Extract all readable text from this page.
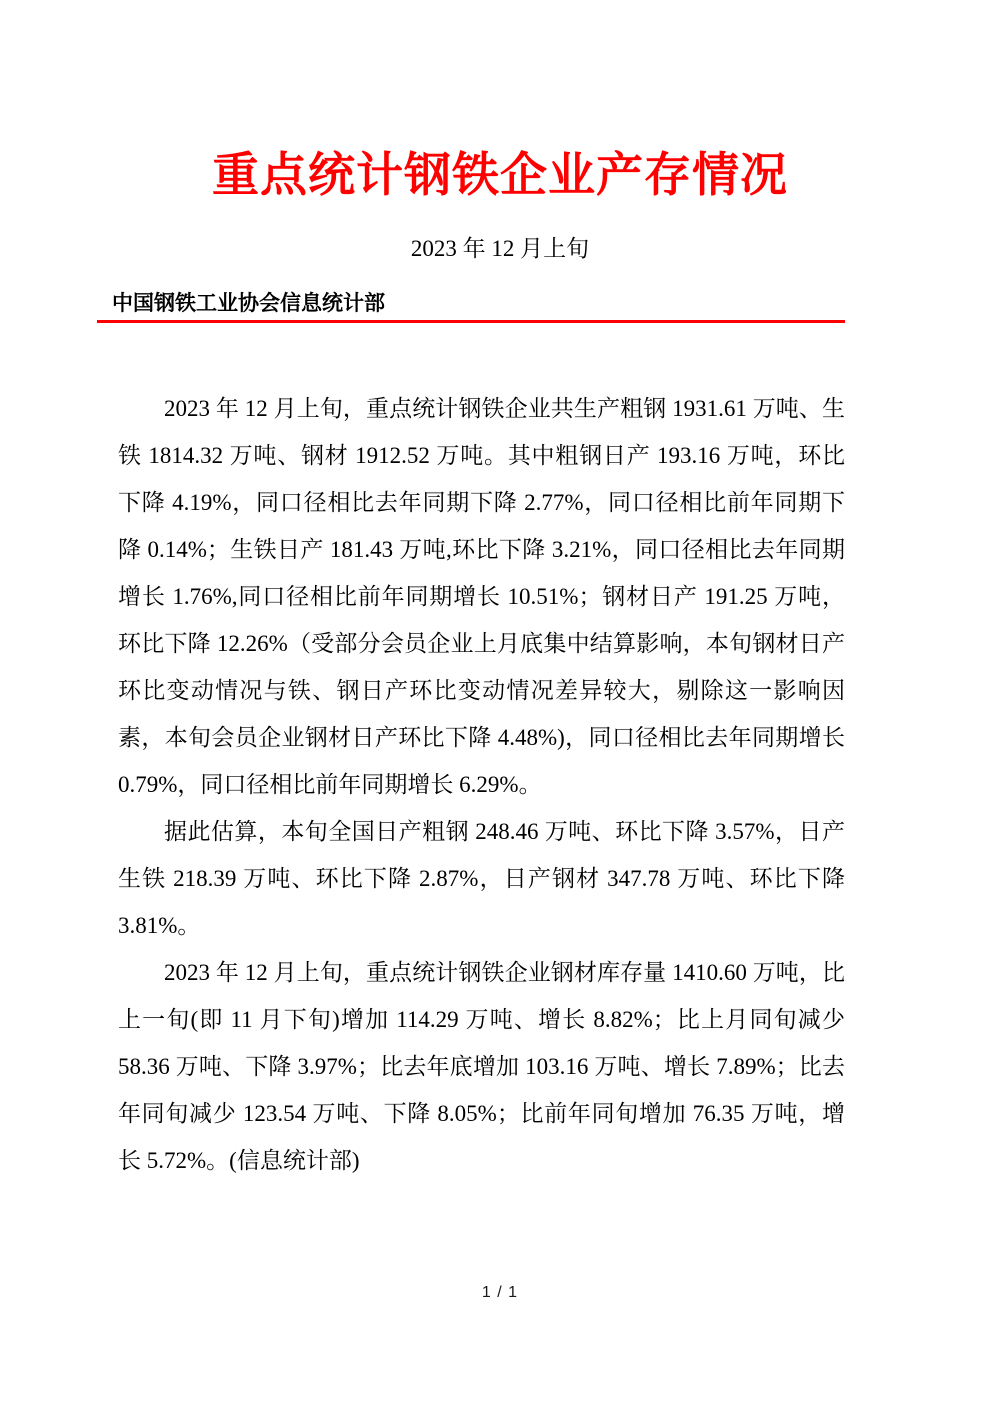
重点统计钢铁企业产存情况
2023 年 12 月上旬
中国钢铁工业协会信息统计部

2023 年 12 月上旬，重点统计钢铁企业共生产粗钢 1931.61 万吨、生铁 1814.32 万吨、钢材 1912.52 万吨。其中粗钢日产 193.16 万吨，环比下降 4.19%，同口径相比去年同期下降 2.77%，同口径相比前年同期下降 0.14%；生铁日产 181.43 万吨,环比下降 3.21%，同口径相比去年同期增长 1.76%,同口径相比前年同期增长 10.51%；钢材日产 191.25 万吨，环比下降 12.26%（受部分会员企业上月底集中结算影响，本旬钢材日产环比变动情况与铁、钢日产环比变动情况差异较大，剔除这一影响因素，本旬会员企业钢材日产环比下降 4.48%)，同口径相比去年同期增长 0.79%，同口径相比前年同期增长 6.29%。

据此估算，本旬全国日产粗钢 248.46 万吨、环比下降 3.57%，日产生铁 218.39 万吨、环比下降 2.87%，日产钢材 347.78 万吨、环比下降 3.81%。

2023 年 12 月上旬，重点统计钢铁企业钢材库存量 1410.60 万吨，比上一旬(即 11 月下旬)增加 114.29 万吨、增长 8.82%；比上月同旬减少 58.36 万吨、下降 3.97%；比去年底增加 103.16 万吨、增长 7.89%；比去年同旬减少 123.54 万吨、下降 8.05%；比前年同旬增加 76.35 万吨，增长 5.72%。(信息统计部)

1 / 1
